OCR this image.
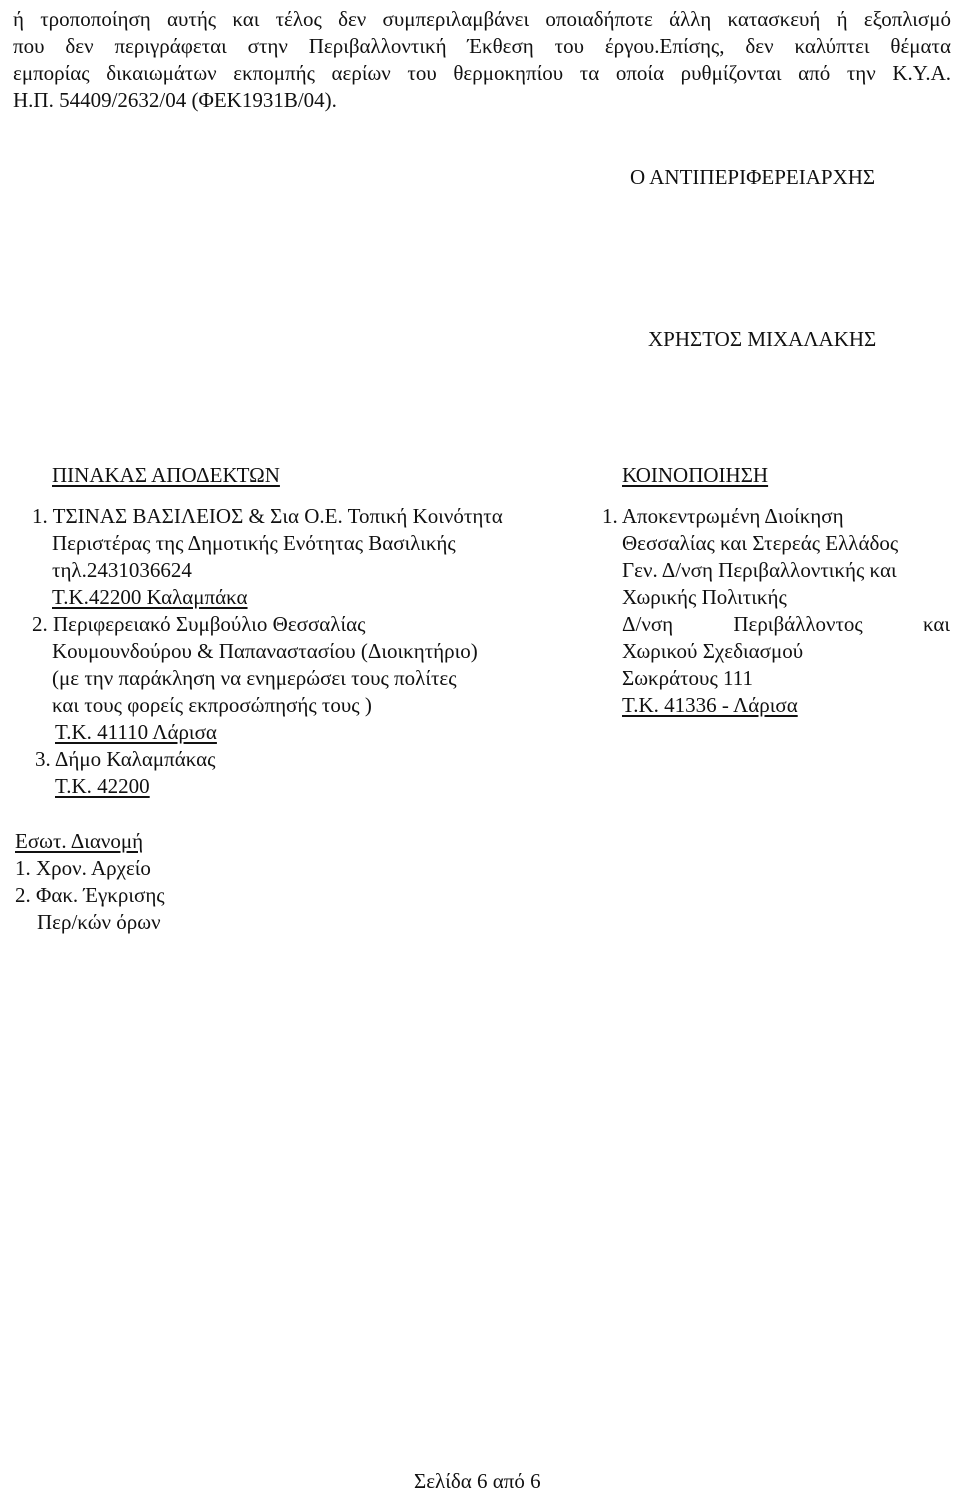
ή τροποποίηση αυτής και τέλος δεν συμπεριλαμβάνει οποιαδήποτε άλλη κατασκευή ή εξοπλισμό
που δεν περιγράφεται στην Περιβαλλοντική Έκθεση του έργου.Επίσης, δεν καλύπτει θέματα
εμπορίας δικαιωμάτων εκπομπής αερίων του θερμοκηπίου τα οποία ρυθμίζονται από την Κ.Υ.Α.
Η.Π. 54409/2632/04 (ΦΕΚ1931Β/04).
Ο ΑΝΤΙΠΕΡΙΦΕΡΕΙΑΡΧΗΣ
ΧΡΗΣΤΟΣ ΜΙΧΑΛΑΚΗΣ
ΠΙΝΑΚΑΣ ΑΠΟΔΕΚΤΩΝ
1. ΤΣΙΝΑΣ ΒΑΣΙΛΕΙΟΣ & Σια Ο.Ε. Τοπική Κοινότητα
Περιστέρας της Δημοτικής Ενότητας Βασιλικής
τηλ.2431036624
Τ.Κ.42200 Καλαμπάκα
2. Περιφερειακό Συμβούλιο Θεσσαλίας
Κουμουνδούρου & Παπαναστασίου (Διοικητήριο)
(με την παράκληση να ενημερώσει τους πολίτες
και τους φορείς εκπροσώπησής τους )
Τ.Κ. 41110 Λάρισα
3. Δήμο Καλαμπάκας
Τ.Κ. 42200
ΚΟΙΝΟΠΟΙΗΣΗ
1. Αποκεντρωμένη Διοίκηση
Θεσσαλίας και Στερεάς Ελλάδος
Γεν. Δ/νση Περιβαλλοντικής και
Χωρικής Πολιτικής
Δ/νση Περιβάλλοντος και
Χωρικού Σχεδιασμού
Σωκράτους 111
Τ.Κ. 41336 - Λάρισα
Εσωτ. Διανομή
1. Χρον. Αρχείο
2. Φακ. Έγκρισης
Περ/κών όρων
Σελίδα 6 από 6
